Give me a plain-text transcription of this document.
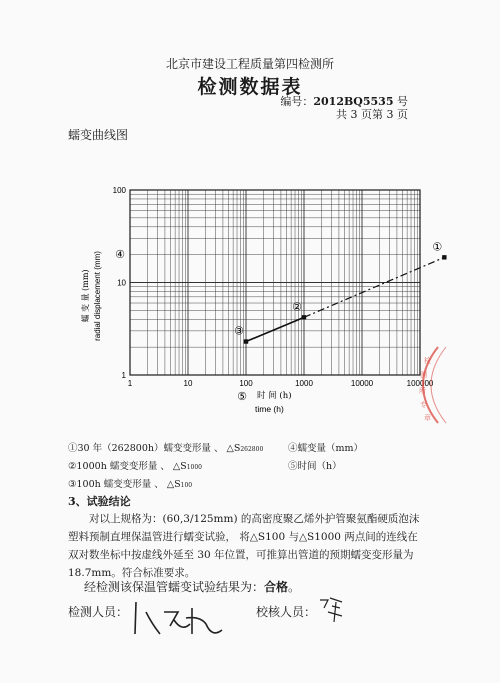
北京市建设工程质量第四检测所
检测数据表
编号：2012BQ5535 号
共 3 页第 3 页
蠕变曲线图
1	10	100	1000	10000	100000
1
10
100
①
②
③
蠕 变 量 (mm) radial displacement (mm) ④
⑤ 时 间 (h)
time (h)
①30 年（262800h）蠕变变形量 、 △S262800
②1000h 蠕变变形量 、 △S1000
③100h 蠕变变形量 、 △S100
④蠕变量（mm）
⑤时间（h）
3、试验结论

对以上规格为：(60,3/125mm) 的高密度聚乙烯外护管聚氨酯硬质泡沫塑料预制直埋保温管进行蠕变试验， 将△S100 与△S1000 两点间的连线在双对数坐标中按虚线外延至 30 年位置，可推算出管道的预期蠕变变形量为 18.7mm。符合标准要求。

经检测该保温管蠕变试验结果为：合格。
检测人员：	校核人员：
检
测
所
专
章
